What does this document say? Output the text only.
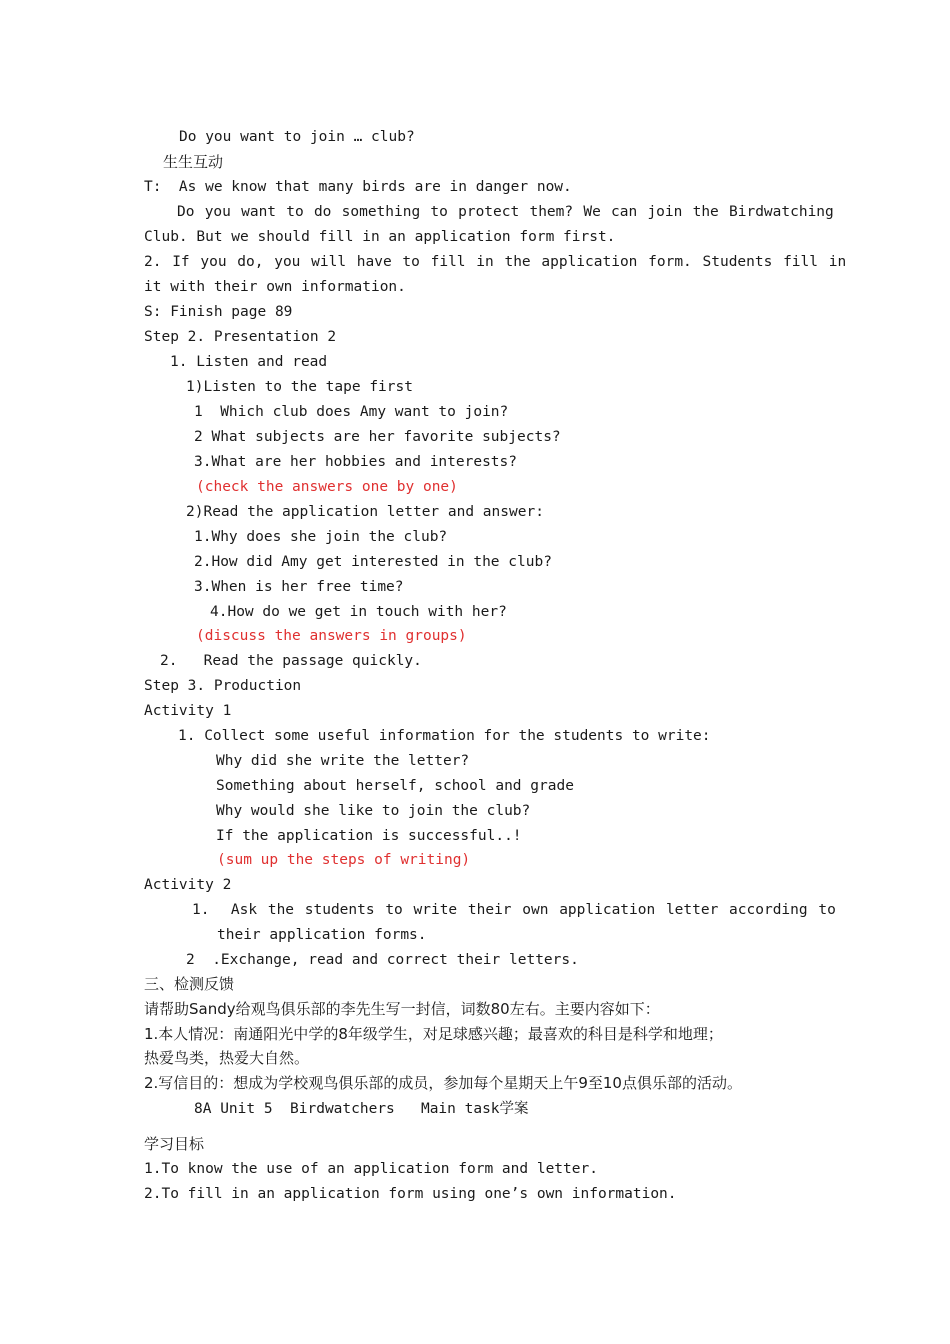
Do you want to join … club?
生生互动
T:  As we know that many birds are in danger now.
Do you want to do something to protect them? We can join the Birdwatching
Club. But we should fill in an application form first.
2. If you do, you will have to fill in the application form. Students fill in
it with their own information.
S: Finish page 89
Step 2. Presentation 2
1. Listen and read
1)Listen to the tape first
1  Which club does Amy want to join?
2 What subjects are her favorite subjects?
3.What are her hobbies and interests?
(check the answers one by one)
2)Read the application letter and answer:
1.Why does she join the club?
2.How did Amy get interested in the club?
3.When is her free time?
4.How do we get in touch with her?
(discuss the answers in groups)
2.   Read the passage quickly.
Step 3. Production
Activity 1
1. Collect some useful information for the students to write:
Why did she write the letter?
Something about herself, school and grade
Why would she like to join the club?
If the application is successful..!
(sum up the steps of writing)
Activity 2
1.  Ask the students to write their own application letter according to
their application forms.
2  .Exchange, read and correct their letters.
三、检测反馈
请帮助Sandy给观鸟俱乐部的李先生写一封信，词数80左右。主要内容如下：
1.本人情况：南通阳光中学的8年级学生，对足球感兴趣；最喜欢的科目是科学和地理；
热爱鸟类，热爱大自然。
2.写信目的：想成为学校观鸟俱乐部的成员，参加每个星期天上午9至10点俱乐部的活动。
8A Unit 5  Birdwatchers   Main task学案
学习目标
1.To know the use of an application form and letter.
2.To fill in an application form using one’s own information.
